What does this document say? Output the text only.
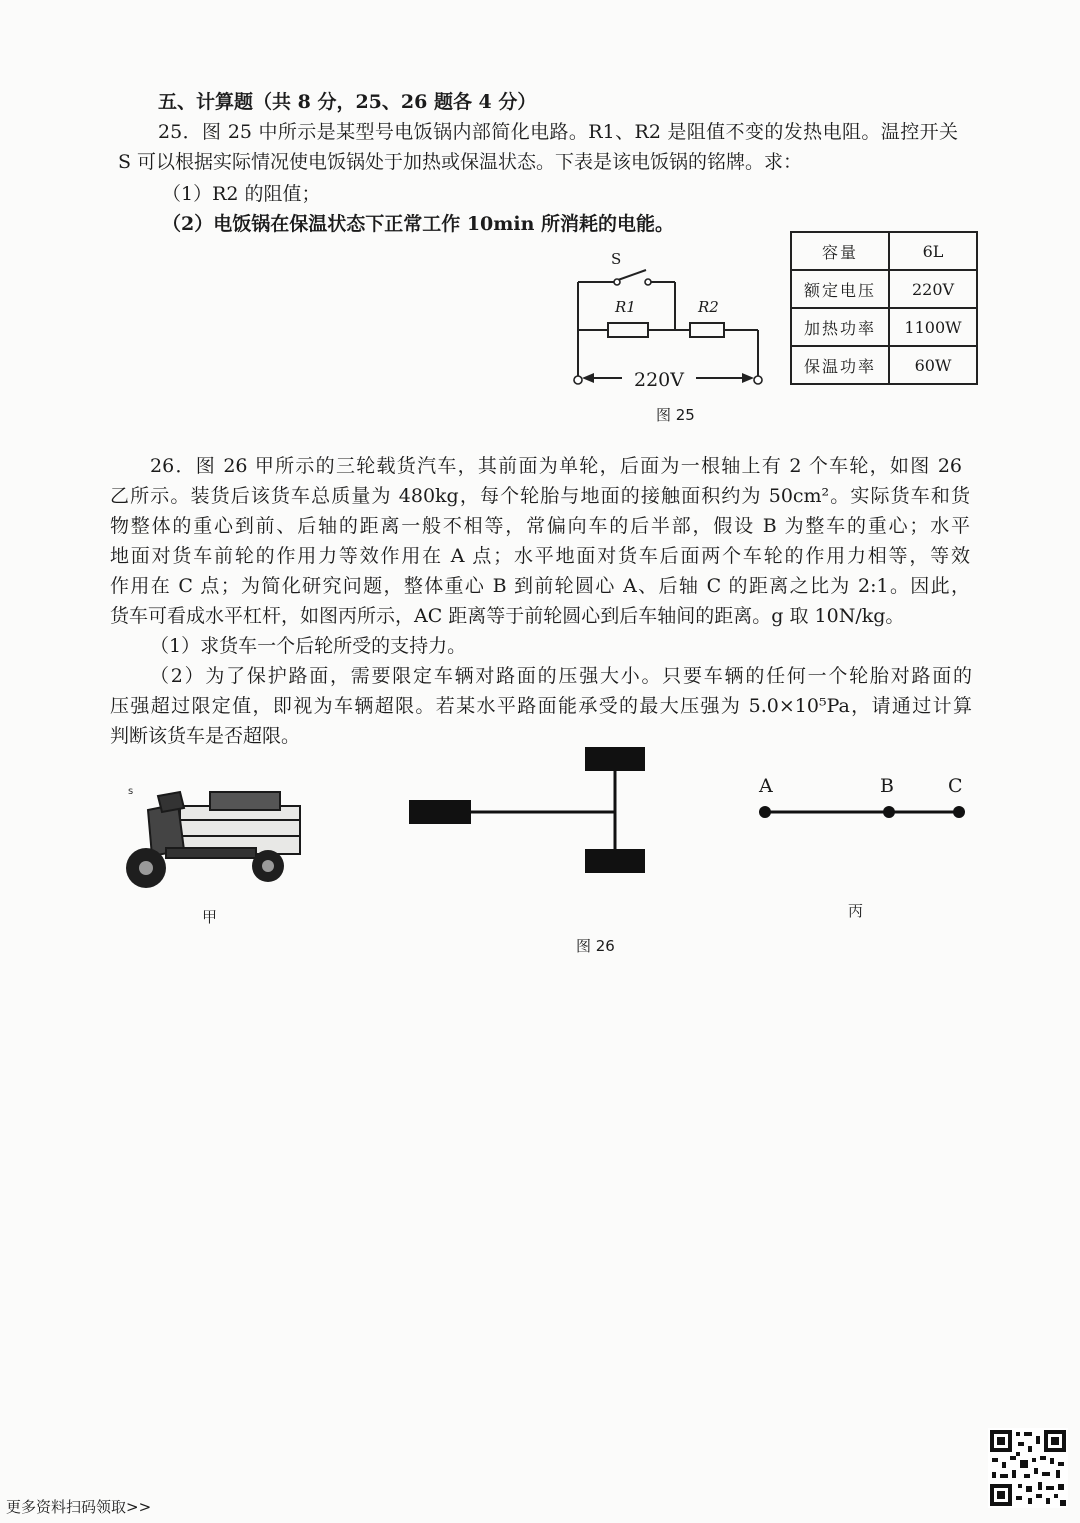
五、计算题（共 8 分，25、26 题各 4 分）
25．图 25 中所示是某型号电饭锅内部简化电路。R1、R2 是阻值不变的发热电阻。温控开关
S 可以根据实际情况使电饭锅处于加热或保温状态。下表是该电饭锅的铭牌。求：
（1）R2 的阻值；
（2）电饭锅在保温状态下正常工作 10min 所消耗的电能。
S
R1	R2
220V
图 25
容量	6L
额定电压	220V
加热功率	1100W
保温功率	60W
26．图 26 甲所示的三轮载货汽车，其前面为单轮，后面为一根轴上有 2 个车轮，如图 26
乙所示。装货后该货车总质量为 480kg，每个轮胎与地面的接触面积约为 50cm²。实际货车和货
物整体的重心到前、后轴的距离一般不相等，常偏向车的后半部，假设 B 为整车的重心；水平
地面对货车前轮的作用力等效作用在 A 点；水平地面对货车后面两个车轮的作用力相等，等效
作用在 C 点；为简化研究问题，整体重心 B 到前轮圆心 A、后轴 C 的距离之比为 2:1。因此，
货车可看成水平杠杆，如图丙所示，AC 距离等于前轮圆心到后车轴间的距离。g 取 10N/kg。
（1）求货车一个后轮所受的支持力。
（2）为了保护路面，需要限定车辆对路面的压强大小。只要车辆的任何一个轮胎对路面的
压强超过限定值，即视为车辆超限。若某水平路面能承受的最大压强为 5.0×10⁵Pa，请通过计算
判断该货车是否超限。
s
甲
A	B	C
丙
图 26
更多资料扫码领取>>
